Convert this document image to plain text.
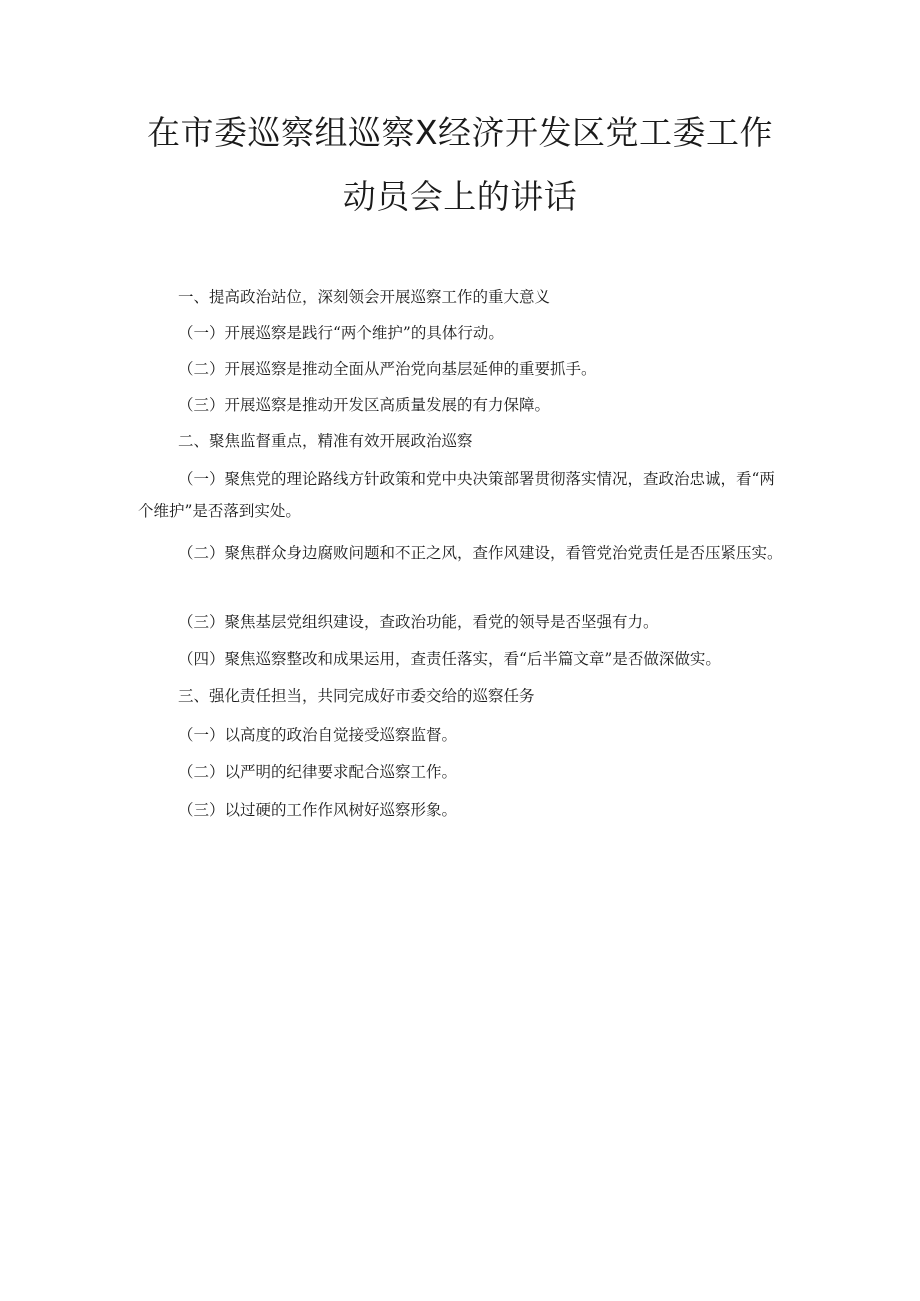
在市委巡察组巡察X经济开发区党工委工作
动员会上的讲话

一、提高政治站位，深刻领会开展巡察工作的重大意义

（一）开展巡察是践行“两个维护”的具体行动。

（二）开展巡察是推动全面从严治党向基层延伸的重要抓手。

（三）开展巡察是推动开发区高质量发展的有力保障。

二、聚焦监督重点，精准有效开展政治巡察

（一）聚焦党的理论路线方针政策和党中央决策部署贯彻落实情况，查政治忠诚，看“两个维护”是否落到实处。

（二）聚焦群众身边腐败问题和不正之风，查作风建设，看管党治党责任是否压紧压实。

（三）聚焦基层党组织建设，查政治功能，看党的领导是否坚强有力。

（四）聚焦巡察整改和成果运用，查责任落实，看“后半篇文章”是否做深做实。

三、强化责任担当，共同完成好市委交给的巡察任务

（一）以高度的政治自觉接受巡察监督。

（二）以严明的纪律要求配合巡察工作。

（三）以过硬的工作作风树好巡察形象。
